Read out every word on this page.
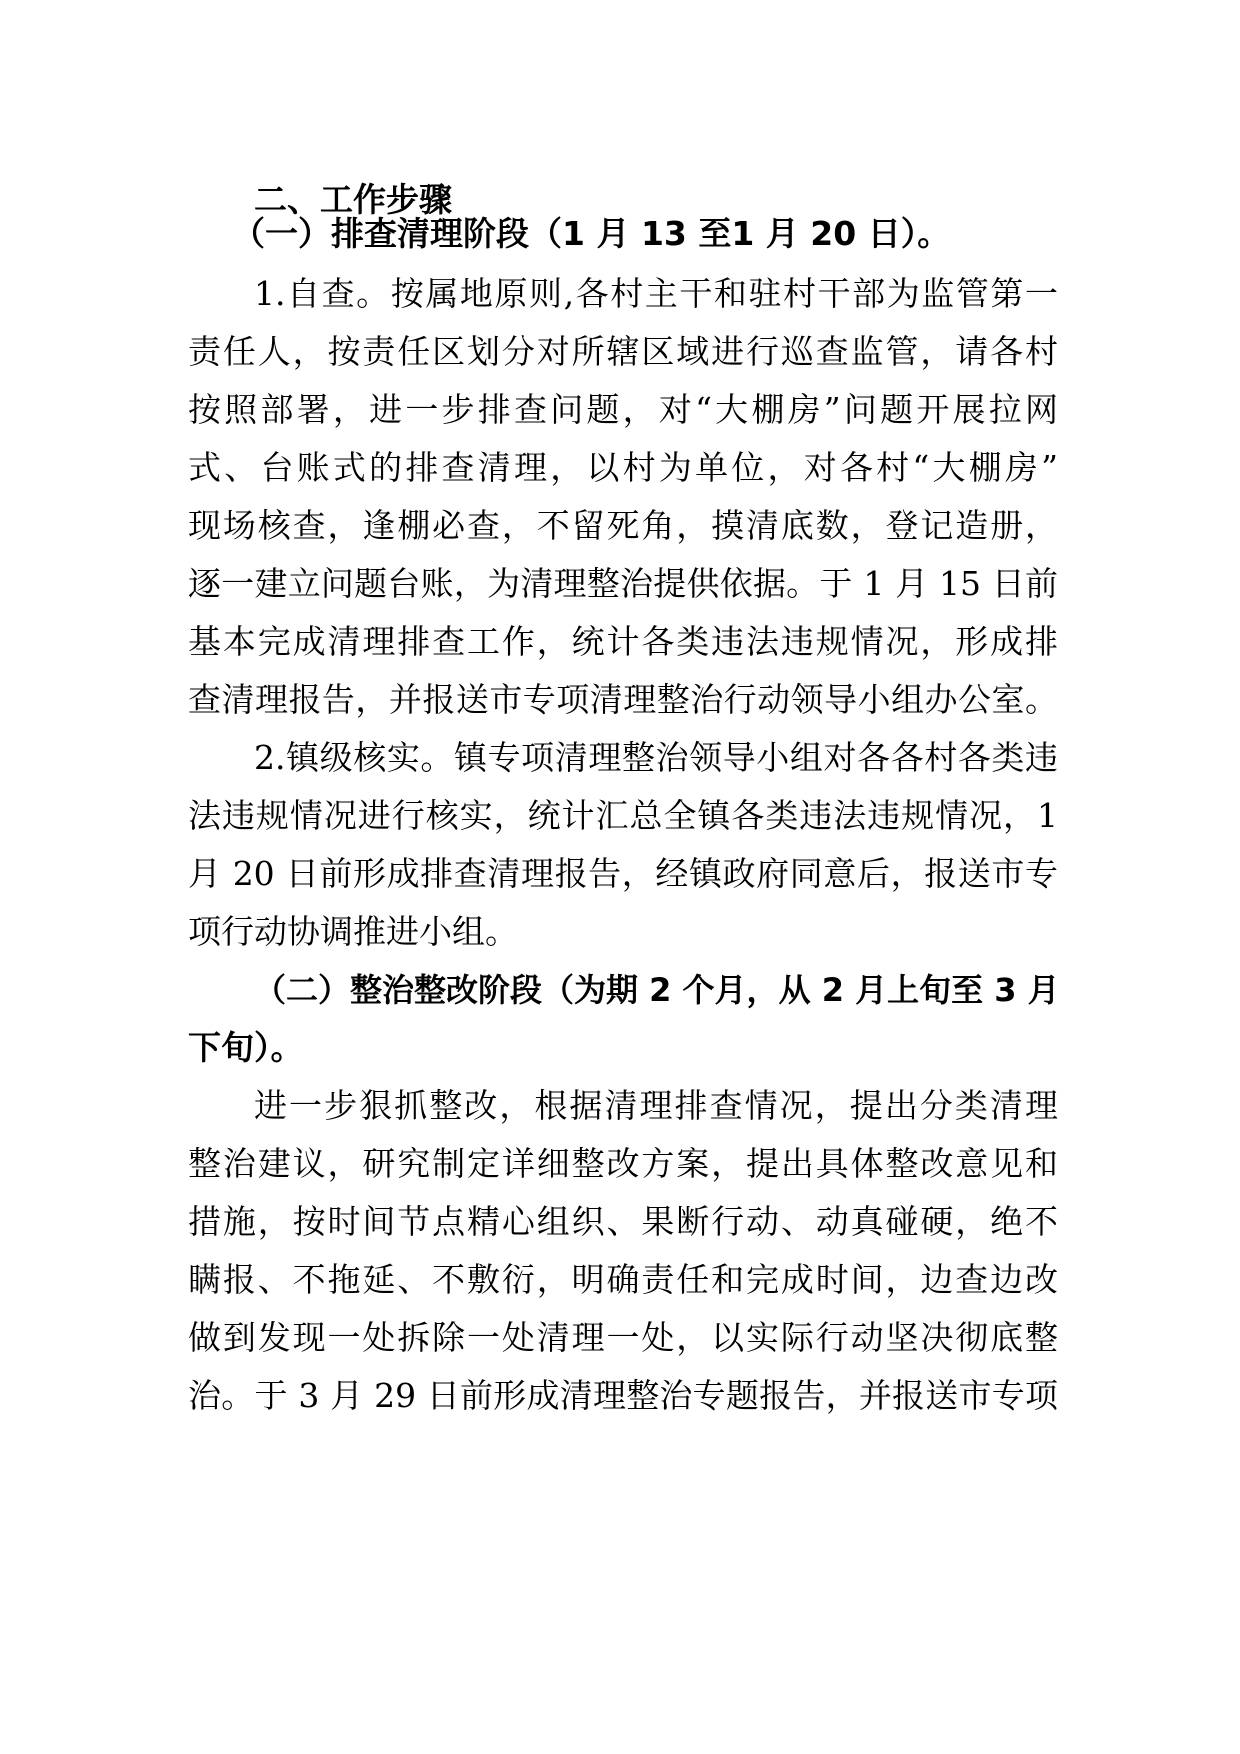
二、工作步骤
（一）排查清理阶段（1 月 13 至1 月 20 日）。
1.自查。按属地原则,各村主干和驻村干部为监管第一
责任人，按责任区划分对所辖区域进行巡查监管，请各村
按照部署，进一步排查问题，对“大棚房”问题开展拉网
式、台账式的排查清理，以村为单位，对各村“大棚房”
现场核查，逢棚必查，不留死角，摸清底数，登记造册，
逐一建立问题台账，为清理整治提供依据。于 1 月 15 日前
基本完成清理排查工作，统计各类违法违规情况，形成排
查清理报告，并报送市专项清理整治行动领导小组办公室。
2.镇级核实。镇专项清理整治领导小组对各各村各类违
法违规情况进行核实，统计汇总全镇各类违法违规情况，1
月 20 日前形成排查清理报告，经镇政府同意后，报送市专
项行动协调推进小组。
（二）整治整改阶段（为期 2 个月，从 2 月上旬至 3 月
下旬）。
进一步狠抓整改，根据清理排查情况，提出分类清理
整治建议，研究制定详细整改方案，提出具体整改意见和
措施，按时间节点精心组织、果断行动、动真碰硬，绝不
瞒报、不拖延、不敷衍，明确责任和完成时间，边查边改
做到发现一处拆除一处清理一处，以实际行动坚决彻底整
治。于 3 月 29 日前形成清理整治专题报告，并报送市专项
